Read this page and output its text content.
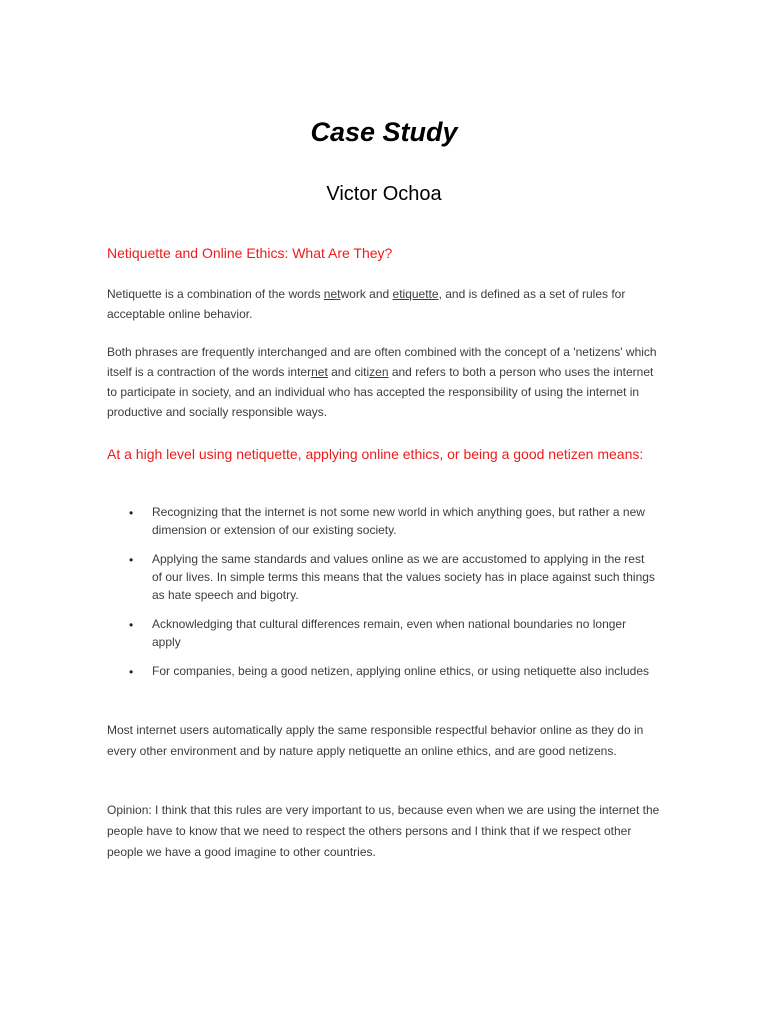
Case Study
Victor Ochoa
Netiquette and Online Ethics: What Are They?
Netiquette is a combination of the words network and etiquette, and is defined as a set of rules for acceptable online behavior.
Both phrases are frequently interchanged and are often combined with the concept of a 'netizens' which itself is a contraction of the words internet and citizen and refers to both a person who uses the internet to participate in society, and an individual who has accepted the responsibility of using the internet in productive and socially responsible ways.
At a high level using netiquette, applying online ethics, or being a good netizen means:
• Recognizing that the internet is not some new world in which anything goes, but rather a new dimension or extension of our existing society.
• Applying the same standards and values online as we are accustomed to applying in the rest of our lives. In simple terms this means that the values society has in place against such things as hate speech and bigotry.
• Acknowledging that cultural differences remain, even when national boundaries no longer apply
• For companies, being a good netizen, applying online ethics, or using netiquette also includes
Most internet users automatically apply the same responsible respectful behavior online as they do in every other environment and by nature apply netiquette an online ethics, and are good netizens.
Opinion: I think that this rules are very important to us, because even when we are using the internet the people have to know that we need to respect the others persons and I think that if we respect other people we have a good imagine to other countries.
